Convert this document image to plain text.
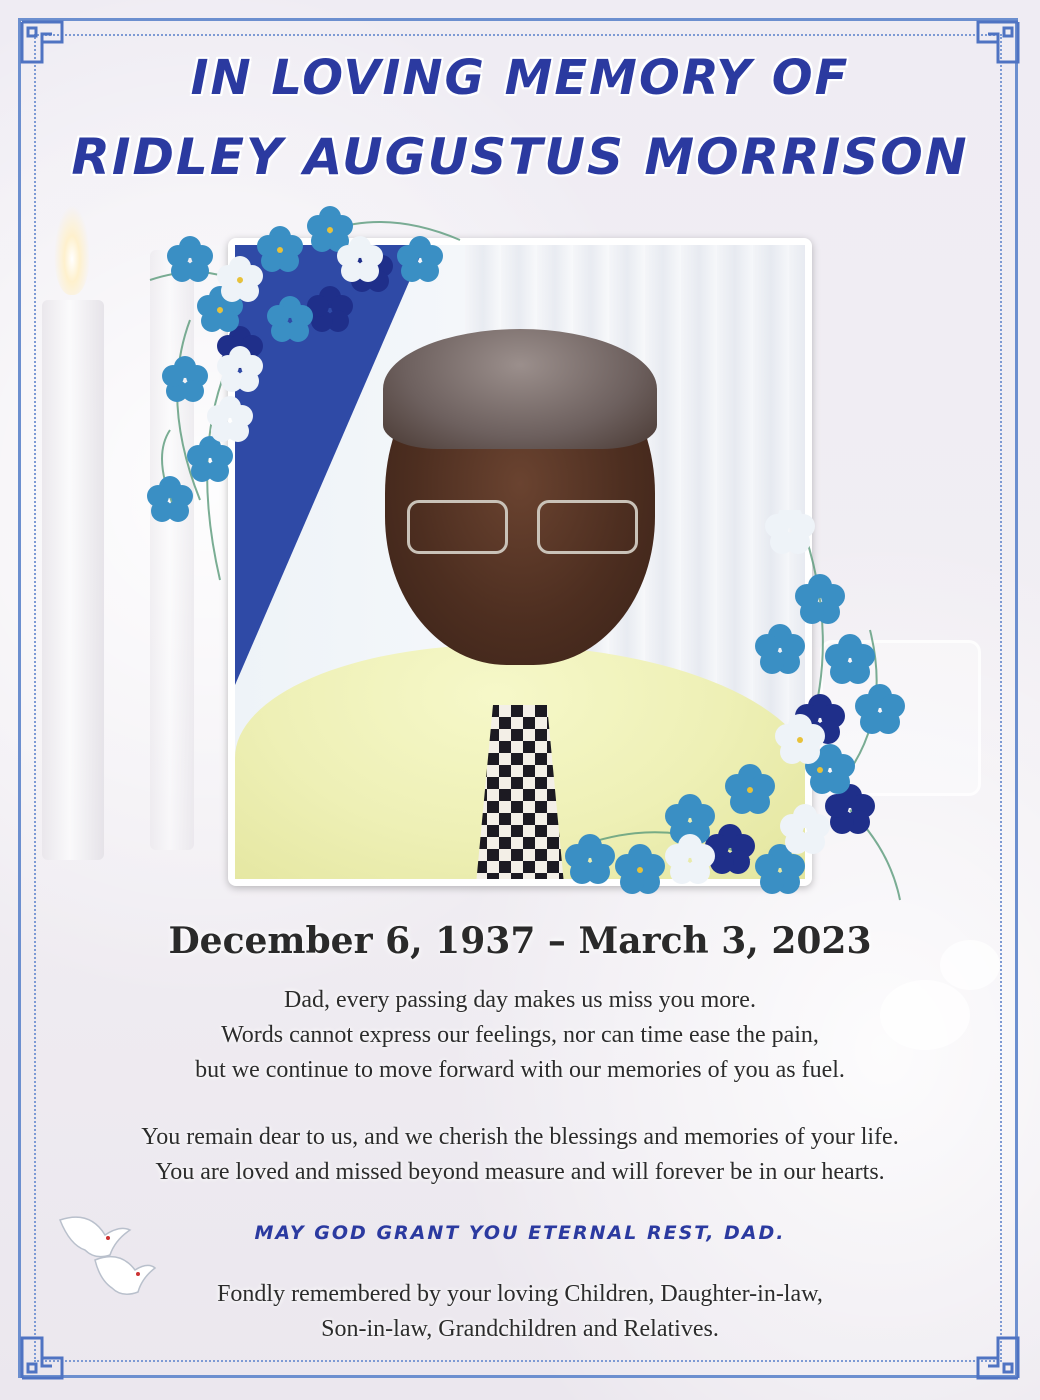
IN LOVING MEMORY OF
RIDLEY AUGUSTUS MORRISON
December 6, 1937 – March 3, 2023
Dad, every passing day makes us miss you more.
Words cannot express our feelings, nor can time ease the pain,
but we continue to move forward with our memories of you as fuel.
You remain dear to us, and we cherish the blessings and memories of your life.
You are loved and missed beyond measure and will forever be in our hearts.
MAY GOD GRANT YOU ETERNAL REST, DAD.
Fondly remembered by your loving Children, Daughter-in-law,
Son-in-law, Grandchildren and Relatives.
